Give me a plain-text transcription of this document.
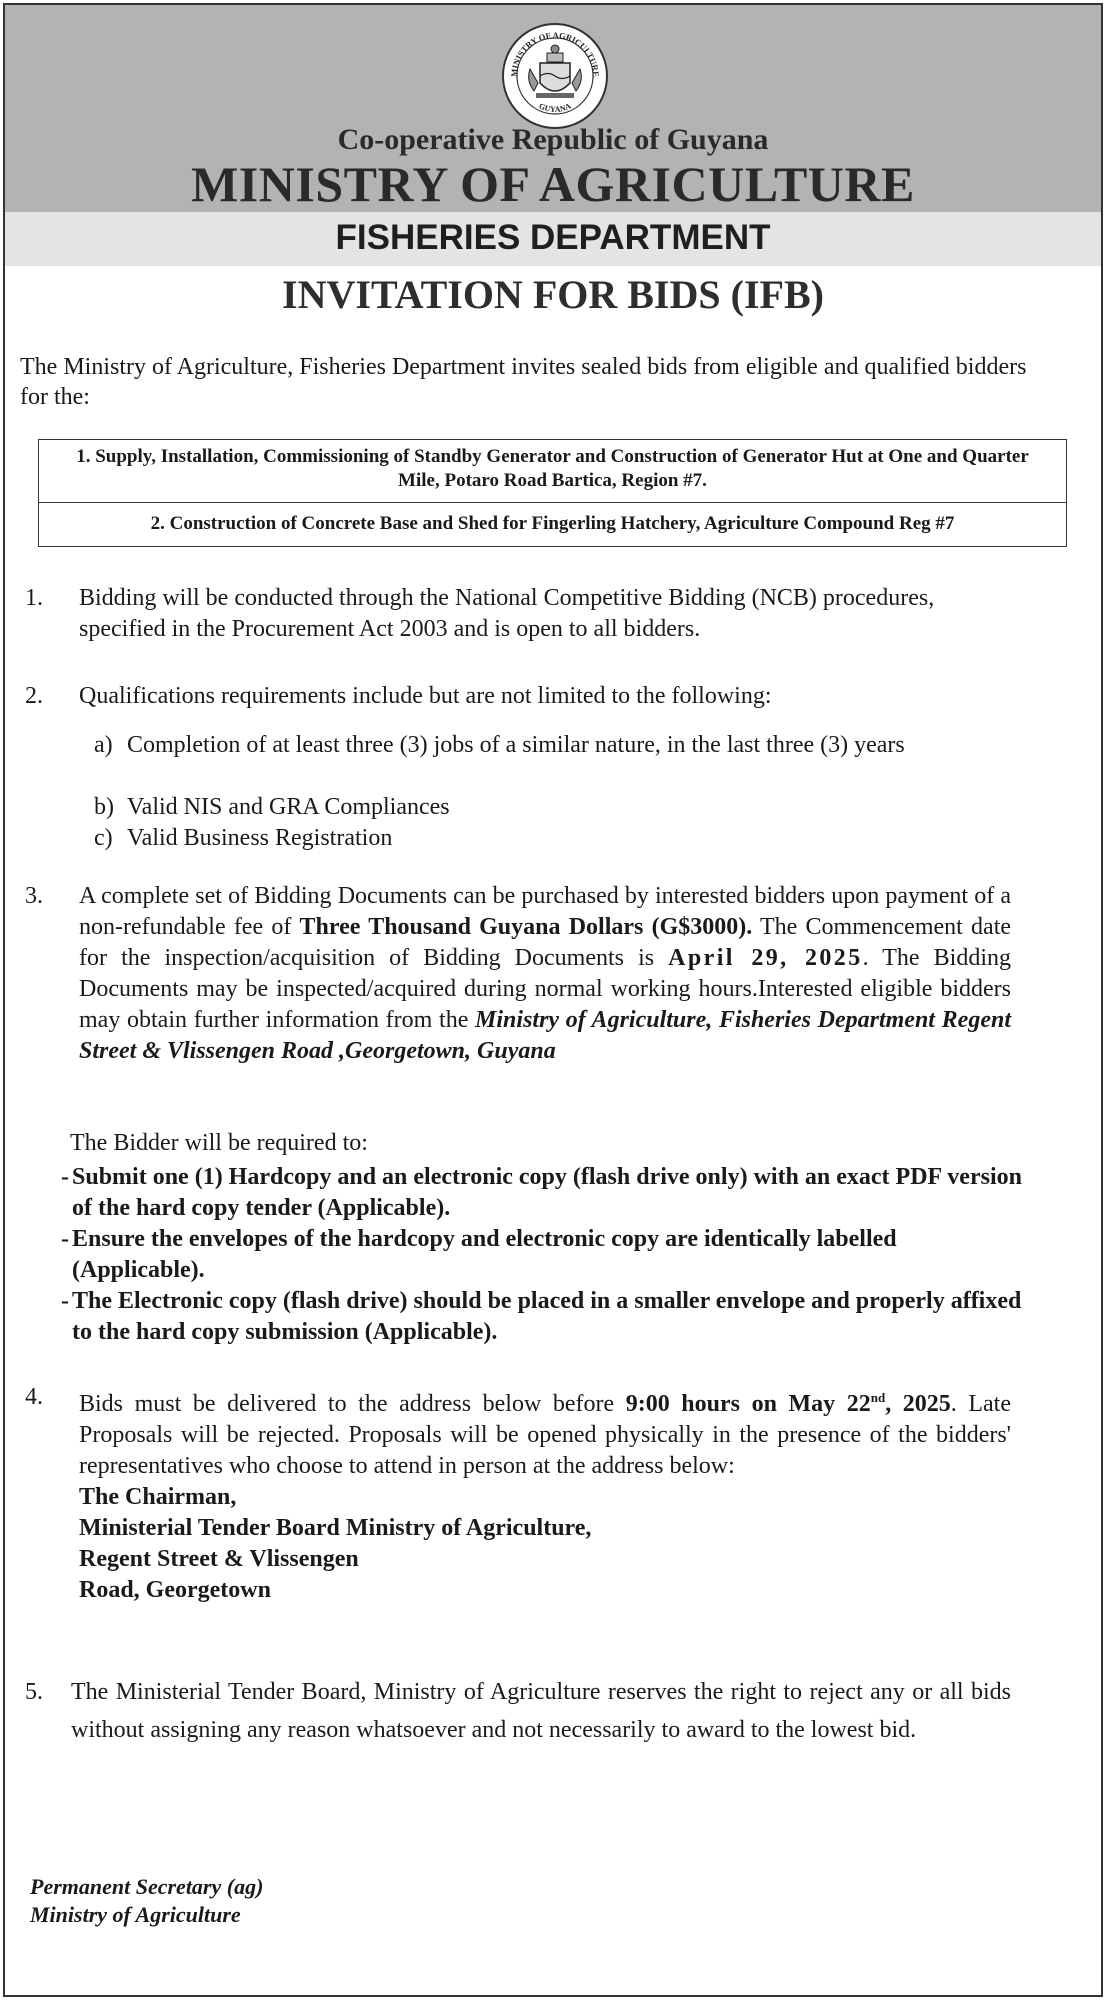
MINISTRY OF AGRICULTURE
GUYANA
Co-operative Republic of Guyana
MINISTRY OF AGRICULTURE
FISHERIES DEPARTMENT
INVITATION FOR BIDS (IFB)
The Ministry of Agriculture, Fisheries Department invites sealed bids from eligible and qualified bidders for the:
1. Supply, Installation, Commissioning of Standby Generator and Construction of Generator Hut at One and Quarter Mile, Potaro Road Bartica, Region #7.
2. Construction of Concrete Base and Shed for Fingerling Hatchery, Agriculture Compound Reg #7
1. Bidding will be conducted through the National Competitive Bidding (NCB) procedures, specified in the Procurement Act 2003 and is open to all bidders.
2. Qualifications requirements include but are not limited to the following:
a) Completion of at least three (3) jobs of a similar nature, in the last three (3) years
b) Valid NIS and GRA Compliances
c) Valid Business Registration
3. A complete set of Bidding Documents can be purchased by interested bidders upon payment of a non-refundable fee of Three Thousand Guyana Dollars (G$3000). The Commencement date for the inspection/acquisition of Bidding Documents is April 29, 2025. The Bidding Documents may be inspected/acquired during normal working hours.Interested eligible bidders may obtain further information from the Ministry of Agriculture, Fisheries Department Regent Street & Vlissengen Road ,Georgetown, Guyana
The Bidder will be required to:
- Submit one (1) Hardcopy and an electronic copy (flash drive only) with an exact PDF version of the hard copy tender (Applicable).
- Ensure the envelopes of the hardcopy and electronic copy are identically labelled (Applicable).
- The Electronic copy (flash drive) should be placed in a smaller envelope and properly affixed to the hard copy submission (Applicable).
4. Bids must be delivered to the address below before 9:00 hours on May 22nd, 2025. Late Proposals will be rejected. Proposals will be opened physically in the presence of the bidders' representatives who choose to attend in person at the address below:
The Chairman,
Ministerial Tender Board Ministry of Agriculture,
Regent Street & Vlissengen
Road, Georgetown
5. The Ministerial Tender Board, Ministry of Agriculture reserves the right to reject any or all bids without assigning any reason whatsoever and not necessarily to award to the lowest bid.
Permanent Secretary (ag)
Ministry of Agriculture
